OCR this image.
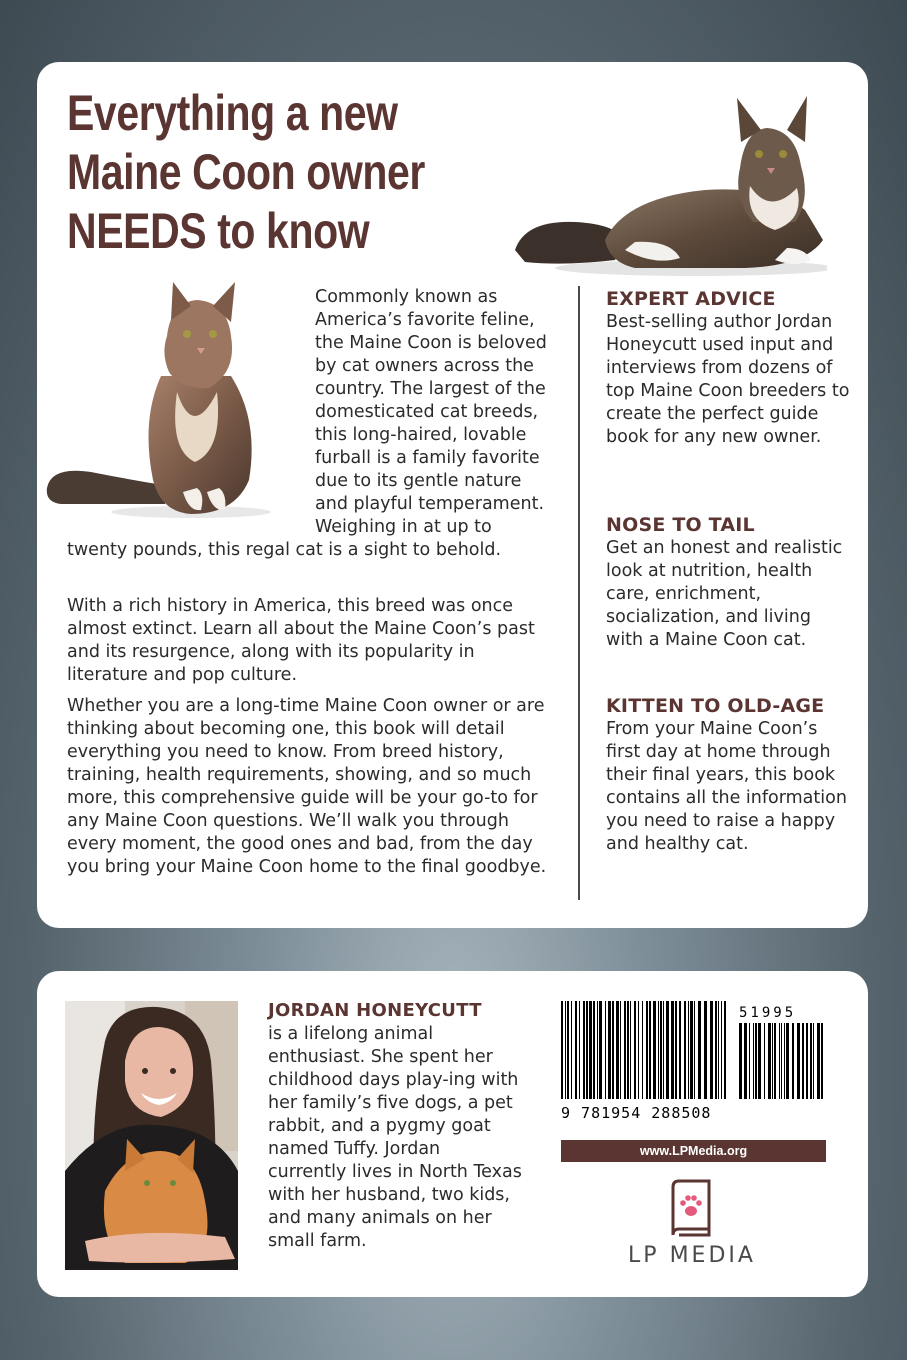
Everything a new
Maine Coon owner
NEEDS to know

Commonly known as America’s favorite feline, the Maine Coon is beloved by cat owners across the country. The largest of the domesticated cat breeds, this long-haired, lovable furball is a family favorite due to its gentle nature and playful temperament. Weighing in at up to twenty pounds, this regal cat is a sight to behold.

With a rich history in America, this breed was once almost extinct. Learn all about the Maine Coon’s past and its resurgence, along with its popularity in literature and pop culture.

Whether you are a long-time Maine Coon owner or are thinking about becoming one, this book will detail everything you need to know. From breed history, training, health requirements, showing, and so much more, this comprehensive guide will be your go-to for any Maine Coon questions. We’ll walk you through every moment, the good ones and bad, from the day you bring your Maine Coon home to the final goodbye.

EXPERT ADVICE

Best-selling author Jordan Honeycutt used input and interviews from dozens of top Maine Coon breeders to create the perfect guide book for any new owner.

NOSE TO TAIL

Get an honest and realistic look at nutrition, health care, enrichment, socialization, and living with a Maine Coon cat.

KITTEN TO OLD-AGE

From your Maine Coon’s first day at home through their final years, this book contains all the information you need to raise a happy and healthy cat.

JORDAN HONEYCUTT

is a lifelong animal enthusiast. She spent her childhood days play-ing with her family’s five dogs, a pet rabbit, and a pygmy goat named Tuffy. Jordan currently lives in North Texas with her husband, two kids, and many animals on her small farm.

51995
9 781954 288508
www.LPMedia.org
LP MEDIA
